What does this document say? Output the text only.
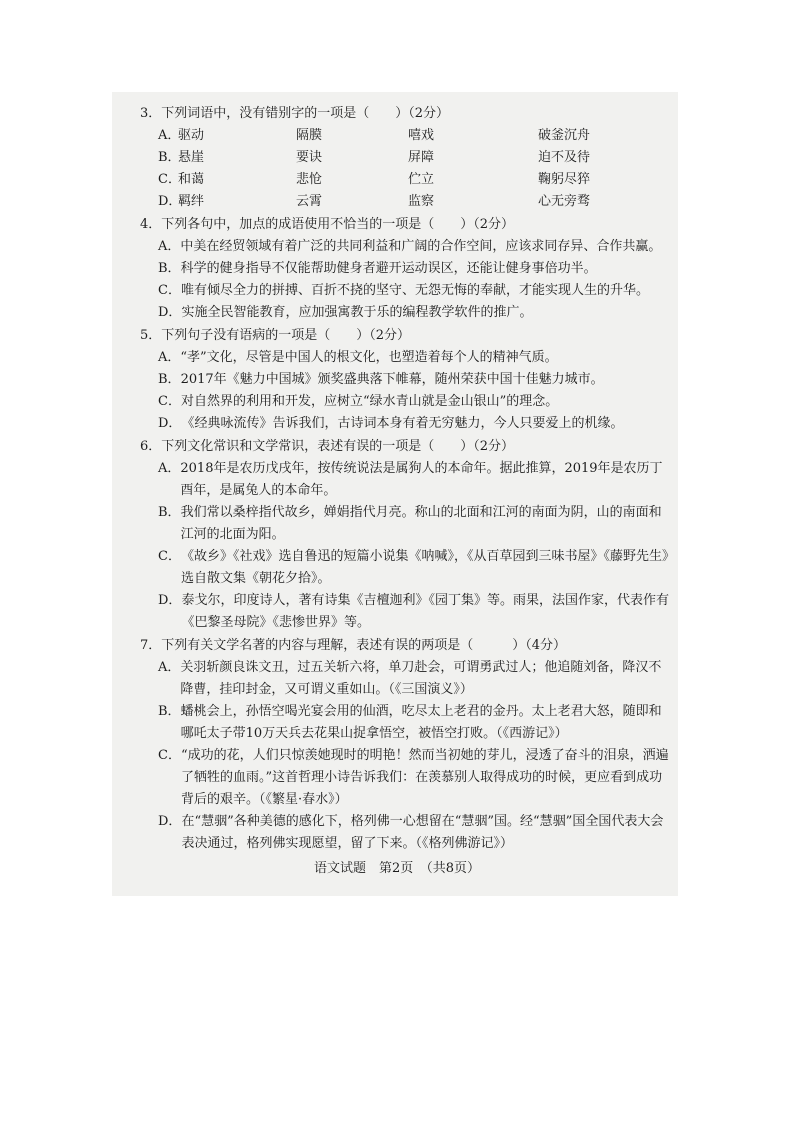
3．下列词语中，没有错别字的一项是（　　）（2分）
A．
驱动	隔膜	嘻戏	破釜沉舟
B．
悬崖	要诀	屏障	迫不及待
C．
和蔼	悲怆	伫立	鞠躬尽猝
D．
羁绊	云霄	监察	心无旁骛
4．下列各句中，加点的成语使用不恰当的一项是（　　）（2分）
A． 中美在经贸领域有着广泛的共同利益和广阔的合作空间，应该求同存异、合作共赢。
B． 科学的健身指导不仅能帮助健身者避开运动误区，还能让健身事倍功半。
C． 唯有倾尽全力的拼搏、百折不挠的坚守、无怨无悔的奉献，才能实现人生的升华。
D． 实施全民智能教育，应加强寓教于乐的编程教学软件的推广。
5．下列句子没有语病的一项是（　　）（2分）
A． “孝”文化，尽管是中国人的根文化，也塑造着每个人的精神气质。
B． 2017年《魅力中国城》颁奖盛典落下帷幕，随州荣获中国十佳魅力城市。
C． 对自然界的利用和开发，应树立“绿水青山就是金山银山”的理念。
D． 《经典咏流传》告诉我们，古诗词本身有着无穷魅力，今人只要爱上的机缘。
6．下列文化常识和文学常识，表述有误的一项是（　　）（2分）
A． 2018年是农历戊戌年，按传统说法是属狗人的本命年。据此推算，2019年是农历丁酉年，是属兔人的本命年。
B． 我们常以桑梓指代故乡，婵娟指代月亮。称山的北面和江河的南面为阴，山的南面和江河的北面为阳。
C． 《故乡》《社戏》选自鲁迅的短篇小说集《呐喊》，《从百草园到三味书屋》《藤野先生》选自散文集《朝花夕拾》。
D． 泰戈尔，印度诗人，著有诗集《吉檀迦利》《园丁集》等。雨果，法国作家，代表作有《巴黎圣母院》《悲惨世界》等。
7．下列有关文学名著的内容与理解，表述有误的两项是（　　　）（4分）
A． 关羽斩颜良诛文丑，过五关斩六将，单刀赴会，可谓勇武过人；他追随刘备，降汉不降曹，挂印封金，又可谓义重如山。（《三国演义》）
B． 蟠桃会上，孙悟空喝光宴会用的仙酒，吃尽太上老君的金丹。太上老君大怒，随即和哪吒太子带10万天兵去花果山捉拿悟空，被悟空打败。（《西游记》）
C． “成功的花，人们只惊羡她现时的明艳！然而当初她的芽儿，浸透了奋斗的泪泉，洒遍了牺牲的血雨。”这首哲理小诗告诉我们：在羡慕别人取得成功的时候，更应看到成功背后的艰辛。（《繁星·春水》）
D． 在“慧骃”各种美德的感化下，格列佛一心想留在“慧骃”国。经“慧骃”国全国代表大会表决通过，格列佛实现愿望，留了下来。（《格列佛游记》）
语文试题　第2页　（共8页）
